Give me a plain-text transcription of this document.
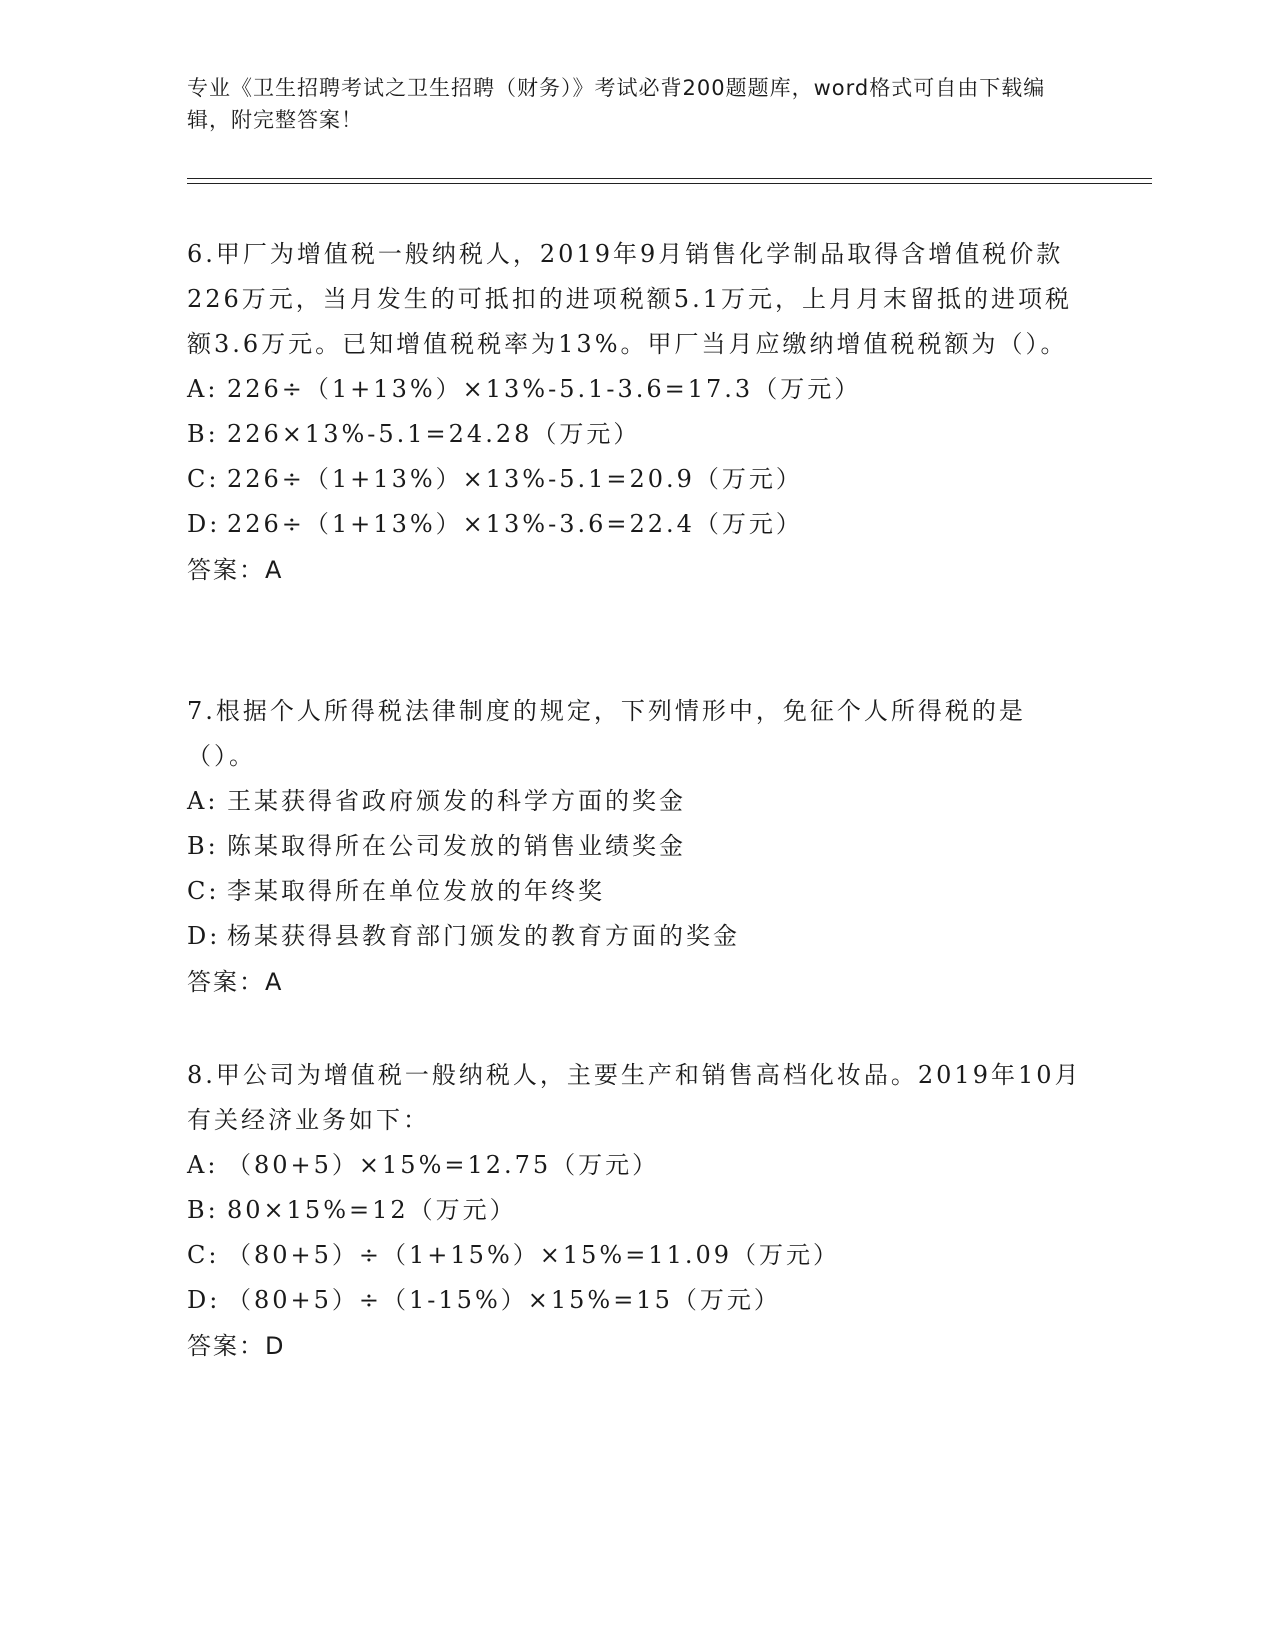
专业《卫生招聘考试之卫生招聘（财务）》考试必背200题题库，word格式可自由下载编辑，附完整答案！

6.甲厂为增值税一般纳税人，2019年9月销售化学制品取得含增值税价款226万元，当月发生的可抵扣的进项税额5.1万元，上月月末留抵的进项税额3.6万元。已知增值税税率为13%。甲厂当月应缴纳增值税税额为（）。

A: 226÷（1+13%）×13%-5.1-3.6=17.3（万元）

B: 226×13%-5.1=24.28（万元）

C: 226÷（1+13%）×13%-5.1=20.9（万元）

D: 226÷（1+13%）×13%-3.6=22.4（万元）

答案：A

7.根据个人所得税法律制度的规定，下列情形中，免征个人所得税的是（）。

A: 王某获得省政府颁发的科学方面的奖金

B: 陈某取得所在公司发放的销售业绩奖金

C: 李某取得所在单位发放的年终奖

D: 杨某获得县教育部门颁发的教育方面的奖金

答案：A

8.甲公司为增值税一般纳税人，主要生产和销售高档化妆品。2019年10月有关经济业务如下：

A: （80+5）×15%=12.75（万元）

B: 80×15%=12（万元）

C: （80+5）÷（1+15%）×15%=11.09（万元）

D: （80+5）÷（1-15%）×15%=15（万元）

答案：D
